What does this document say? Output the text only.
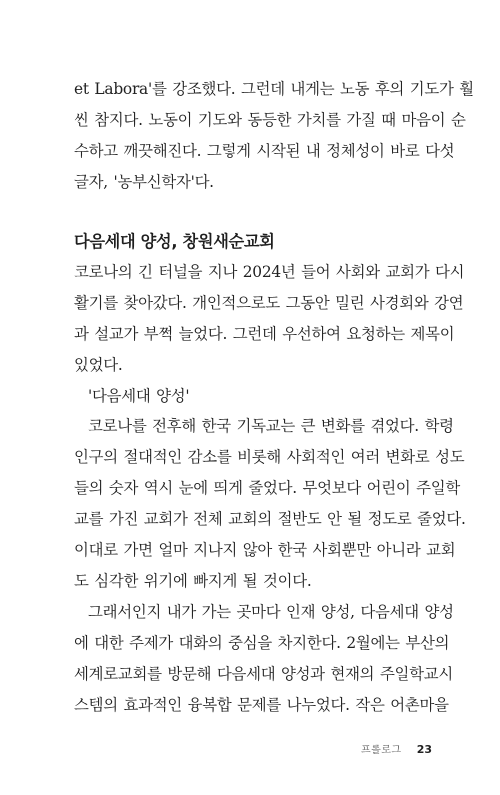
et Labora'를 강조했다. 그런데 내게는 노동 후의 기도가 훨
씬 참지다. 노동이 기도와 동등한 가치를 가질 때 마음이 순
수하고 깨끗해진다. 그렇게 시작된 내 정체성이 바로 다섯
글자, '농부신학자'다.
다음세대 양성, 창원새순교회
코로나의 긴 터널을 지나 2024년 들어 사회와 교회가 다시
활기를 찾아갔다. 개인적으로도 그동안 밀린 사경회와 강연
과 설교가 부쩍 늘었다. 그런데 우선하여 요청하는 제목이
있었다.
'다음세대 양성'
코로나를 전후해 한국 기독교는 큰 변화를 겪었다. 학령
인구의 절대적인 감소를 비롯해 사회적인 여러 변화로 성도
들의 숫자 역시 눈에 띄게 줄었다. 무엇보다 어린이 주일학
교를 가진 교회가 전체 교회의 절반도 안 될 정도로 줄었다.
이대로 가면 얼마 지나지 않아 한국 사회뿐만 아니라 교회
도 심각한 위기에 빠지게 될 것이다.
그래서인지 내가 가는 곳마다 인재 양성, 다음세대 양성
에 대한 주제가 대화의 중심을 차지한다. 2월에는 부산의
세계로교회를 방문해 다음세대 양성과 현재의 주일학교시
스템의 효과적인 융복합 문제를 나누었다. 작은 어촌마을
프롤로그 23
